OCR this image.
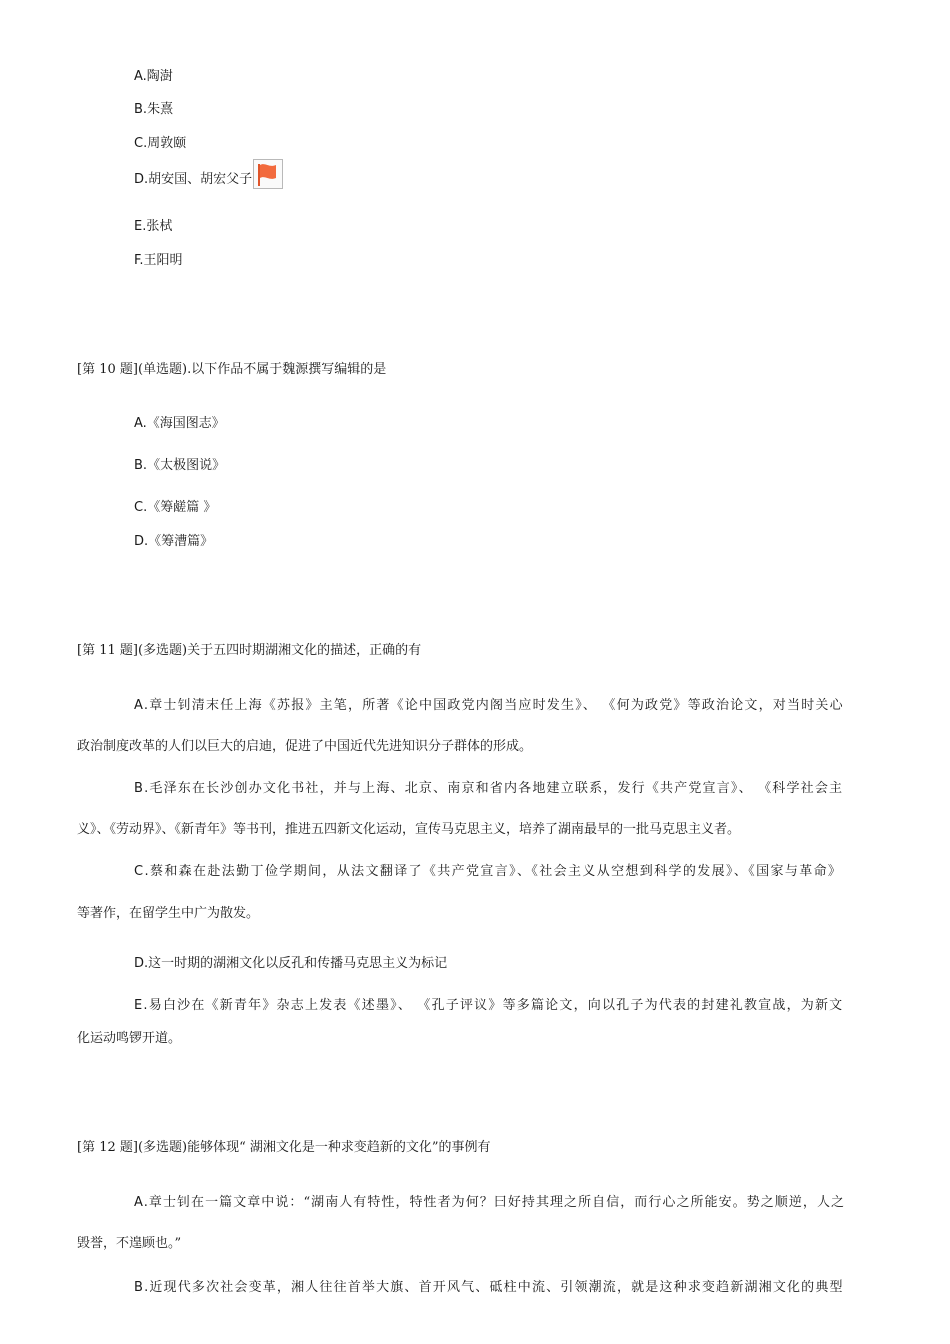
A.陶澍
B.朱熹
C.周敦颐
D.胡安国、胡宏父子
E.张栻
F.王阳明
[第 10 题](单选题).以下作品不属于魏源撰写编辑的是
A.《海国图志》
B.《太极图说》
C.《筹鹾篇 》
D.《筹漕篇》
[第 11 题](多选题)关于五四时期湖湘文化的描述，正确的有
A.章士钊清末任上海《苏报》主笔，所著《论中国政党内阁当应时发生》、 《何为政党》等政治论文，对当时关心
政治制度改革的人们以巨大的启迪，促进了中国近代先进知识分子群体的形成。
B.毛泽东在长沙创办文化书社，并与上海、北京、南京和省内各地建立联系，发行《共产党宣言》、 《科学社会主
义》、《劳动界》、《新青年》等书刊，推进五四新文化运动，宣传马克思主义，培养了湖南最早的一批马克思主义者。
C.蔡和森在赴法勤丁俭学期间，从法文翻译了《共产党宣言》、《社会主义从空想到科学的发展》、《国家与革命》
等著作，在留学生中广为散发。
D.这一时期的湖湘文化以反孔和传播马克思主义为标记
E.易白沙在《新青年》杂志上发表《述墨》、 《孔子评议》等多篇论文，向以孔子为代表的封建礼教宣战，为新文
化运动鸣锣开道。
[第 12 题](多选题)能够体现“ 湖湘文化是一种求变趋新的文化”的事例有
A.章士钊在一篇文章中说：“湖南人有特性，特性者为何？曰好持其理之所自信，而行心之所能安。势之顺逆，人之
毁誉，不遑顾也。”
B.近现代多次社会变革，湘人往往首举大旗、首开风气、砥柱中流、引领潮流，就是这种求变趋新湖湘文化的典型
